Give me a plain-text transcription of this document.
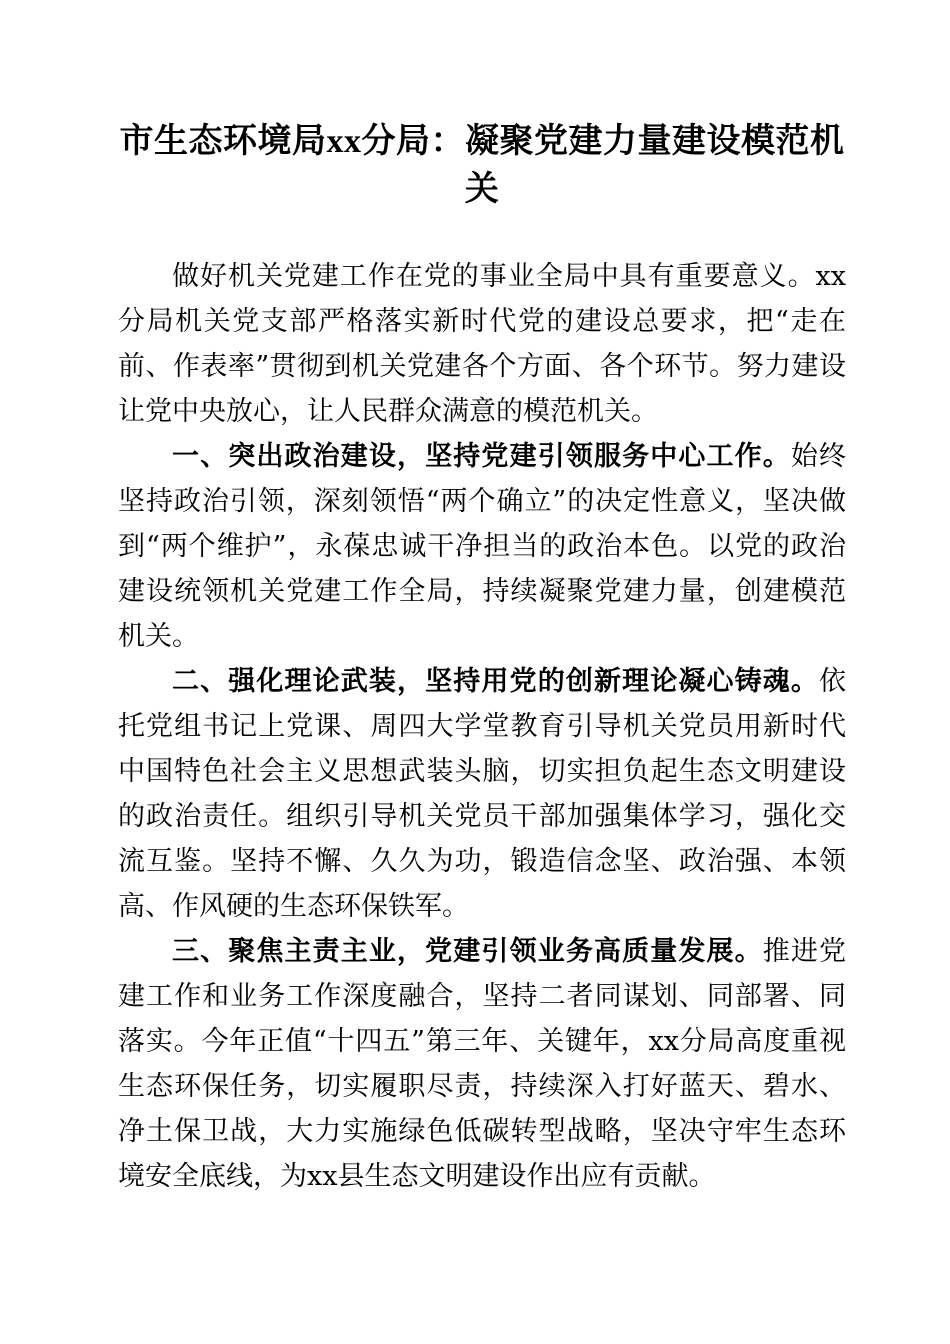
市生态环境局xx分局：凝聚党建力量建设模范机关

做好机关党建工作在党的事业全局中具有重要意义。xx分局机关党支部严格落实新时代党的建设总要求，把“走在前、作表率”贯彻到机关党建各个方面、各个环节。努力建设让党中央放心，让人民群众满意的模范机关。

一、突出政治建设，坚持党建引领服务中心工作。始终坚持政治引领，深刻领悟“两个确立”的决定性意义，坚决做到“两个维护”，永葆忠诚干净担当的政治本色。以党的政治建设统领机关党建工作全局，持续凝聚党建力量，创建模范机关。

二、强化理论武装，坚持用党的创新理论凝心铸魂。依托党组书记上党课、周四大学堂教育引导机关党员用新时代中国特色社会主义思想武装头脑，切实担负起生态文明建设的政治责任。组织引导机关党员干部加强集体学习，强化交流互鉴。坚持不懈、久久为功，锻造信念坚、政治强、本领高、作风硬的生态环保铁军。

三、聚焦主责主业，党建引领业务高质量发展。推进党建工作和业务工作深度融合，坚持二者同谋划、同部署、同落实。今年正值“十四五”第三年、关键年，xx分局高度重视生态环保任务，切实履职尽责，持续深入打好蓝天、碧水、净土保卫战，大力实施绿色低碳转型战略，坚决守牢生态环境安全底线，为xx县生态文明建设作出应有贡献。
